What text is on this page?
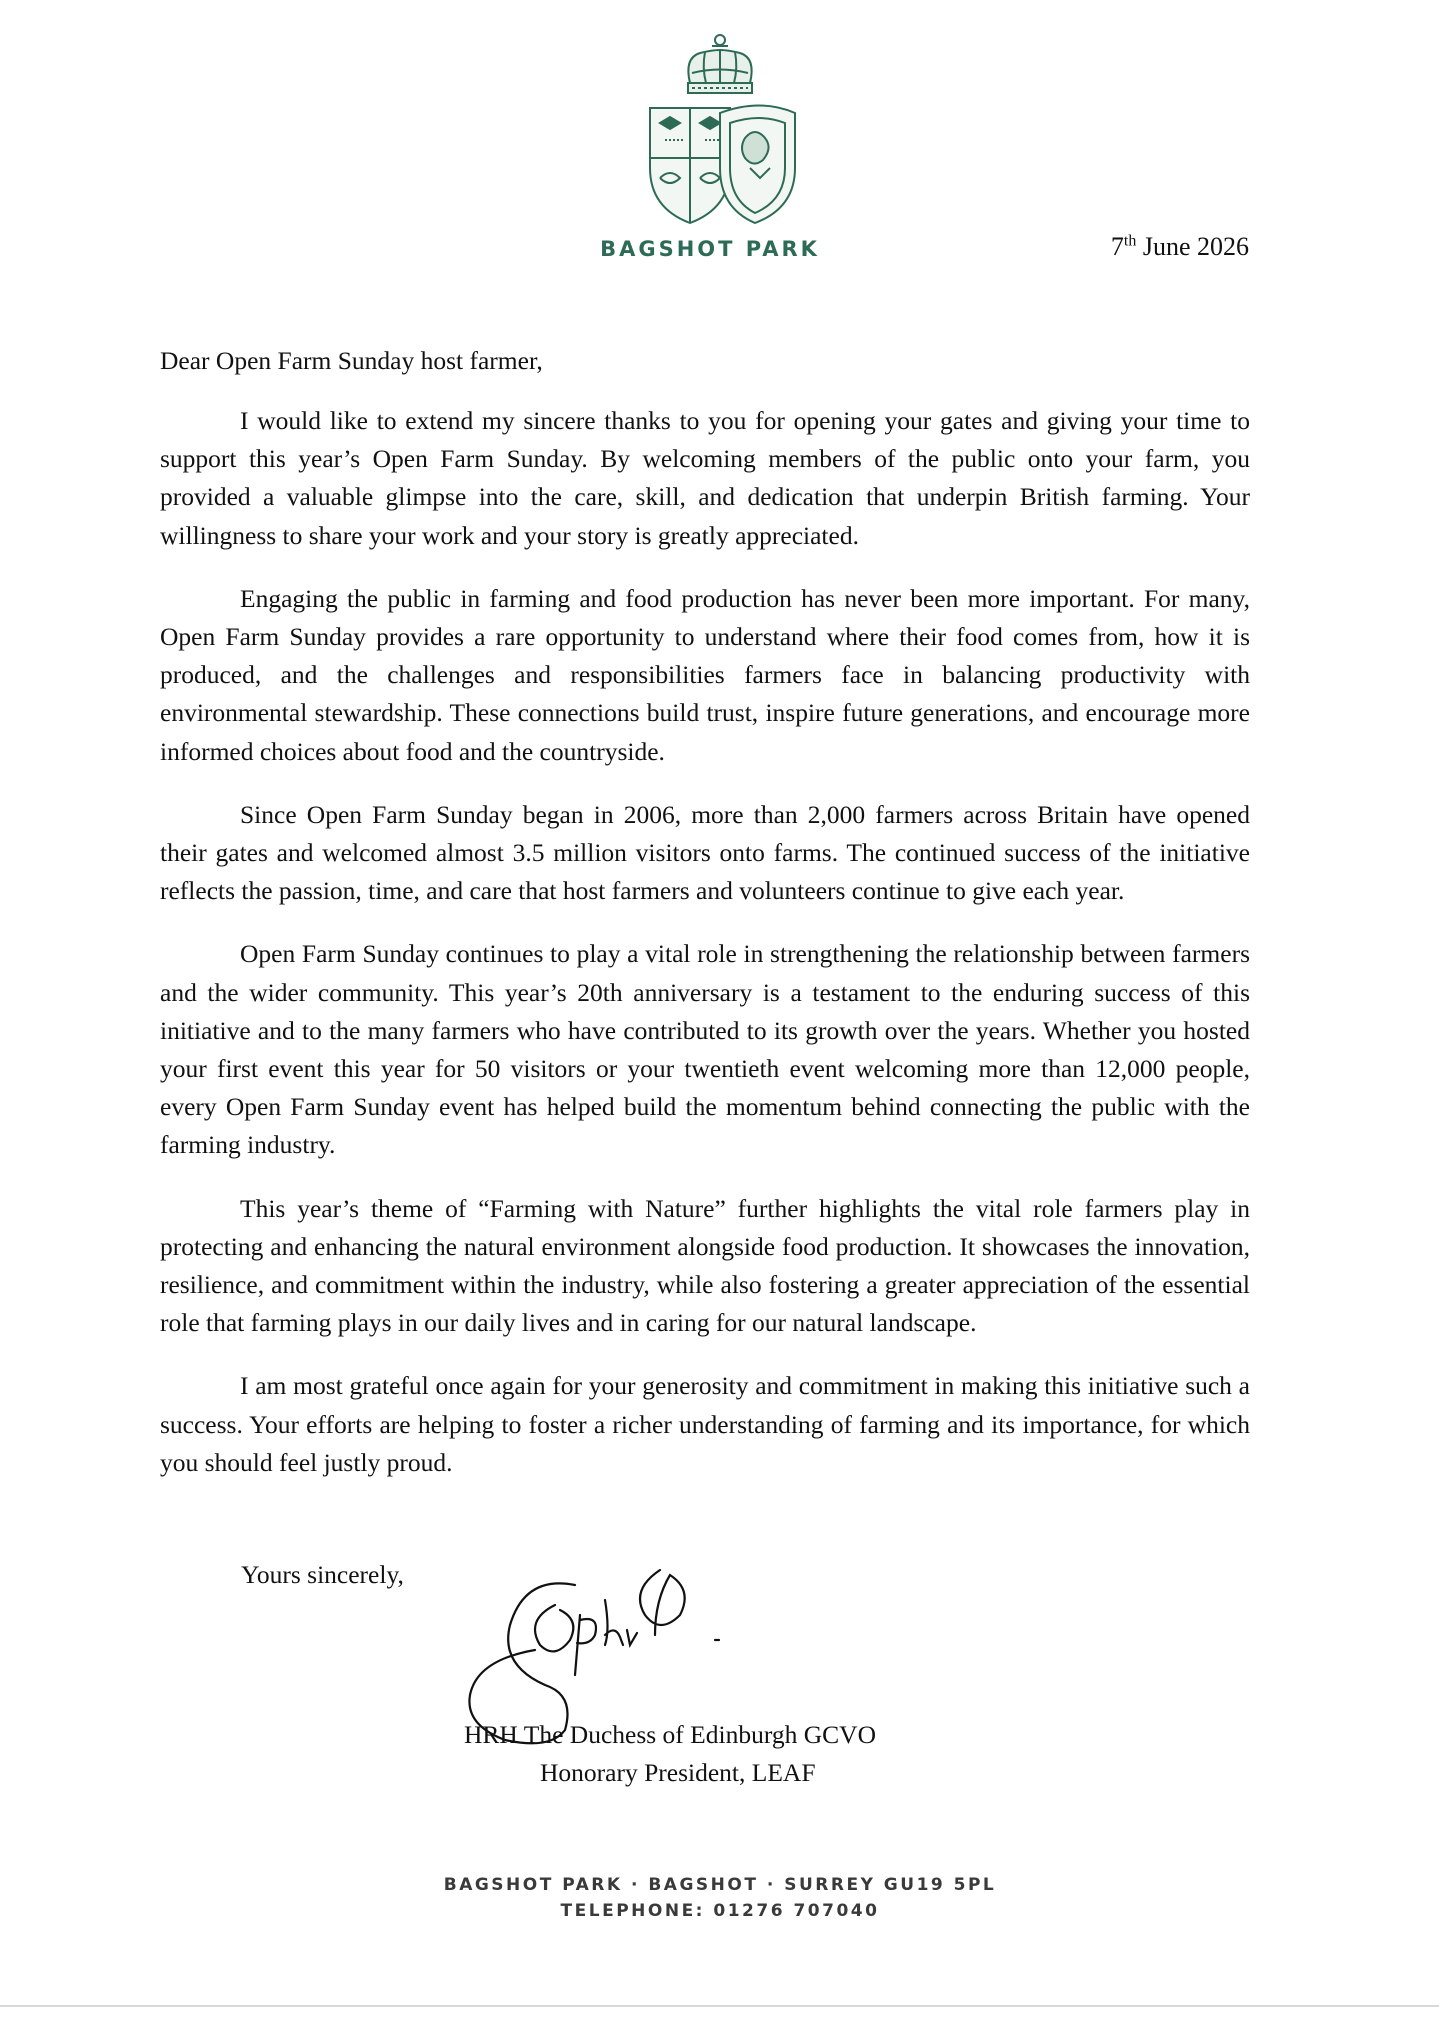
BAGSHOT PARK	7th June 2026
Dear Open Farm Sunday host farmer,

I would like to extend my sincere thanks to you for opening your gates and giving your time to support this year’s Open Farm Sunday. By welcoming members of the public onto your farm, you provided a valuable glimpse into the care, skill, and dedication that underpin British farming. Your willingness to share your work and your story is greatly appreciated.

Engaging the public in farming and food production has never been more important. For many, Open Farm Sunday provides a rare opportunity to understand where their food comes from, how it is produced, and the challenges and responsibilities farmers face in balancing productivity with environmental stewardship. These connections build trust, inspire future generations, and encourage more informed choices about food and the countryside.

Since Open Farm Sunday began in 2006, more than 2,000 farmers across Britain have opened their gates and welcomed almost 3.5 million visitors onto farms. The continued success of the initiative reflects the passion, time, and care that host farmers and volunteers continue to give each year.

Open Farm Sunday continues to play a vital role in strengthening the relationship between farmers and the wider community. This year’s 20th anniversary is a testament to the enduring success of this initiative and to the many farmers who have contributed to its growth over the years. Whether you hosted your first event this year for 50 visitors or your twentieth event welcoming more than 12,000 people, every Open Farm Sunday event has helped build the momentum behind connecting the public with the farming industry.

This year’s theme of “Farming with Nature” further highlights the vital role farmers play in protecting and enhancing the natural environment alongside food production. It showcases the innovation, resilience, and commitment within the industry, while also fostering a greater appreciation of the essential role that farming plays in our daily lives and in caring for our natural landscape.

I am most grateful once again for your generosity and commitment in making this initiative such a success. Your efforts are helping to foster a richer understanding of farming and its importance, for which you should feel justly proud.

Yours sincerely,
HRH The Duchess of Edinburgh GCVO
Honorary President, LEAF
BAGSHOT PARK · BAGSHOT · SURREY GU19 5PL
TELEPHONE: 01276 707040
